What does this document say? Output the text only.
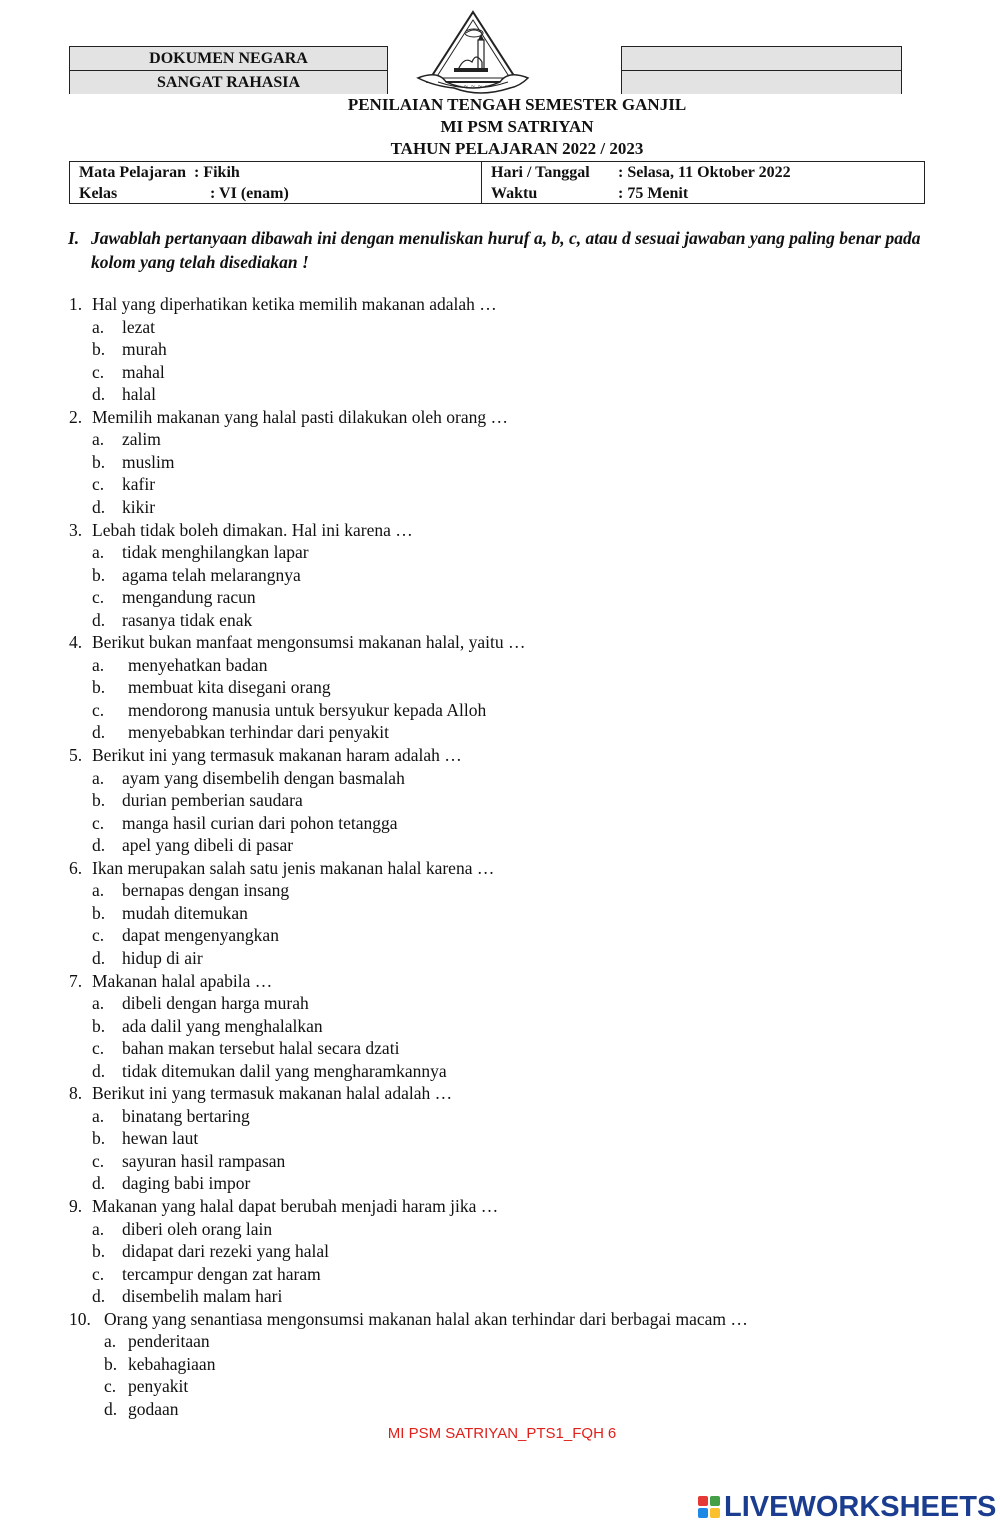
DOKUMEN NEGARA
SANGAT RAHASIA	~ ~ ~ ~ ~
PENILAIAN TENGAH SEMESTER GANJIL
MI PSM SATRIYAN
TAHUN PELAJARAN 2022 / 2023
Mata Pelajaran : Fikih
Kelas	: VI (enam)
Hari / Tanggal : Selasa, 11 Oktober 2022
Waktu	: 75 Menit
I. Jawablah pertanyaan dibawah ini dengan menuliskan huruf a, b, c, atau d sesuai jawaban yang paling benar pada kolom yang telah disediakan !
1. Hal yang diperhatikan ketika memilih makanan adalah …
a. lezat
b. murah
c. mahal
d. halal
2. Memilih makanan yang halal pasti dilakukan oleh orang …
a. zalim
b. muslim
c. kafir
d. kikir
3. Lebah tidak boleh dimakan. Hal ini karena …
a. tidak menghilangkan lapar
b. agama telah melarangnya
c. mengandung racun
d. rasanya tidak enak
4. Berikut bukan manfaat mengonsumsi makanan halal, yaitu …
a. menyehatkan badan
b. membuat kita disegani orang
c. mendorong manusia untuk bersyukur kepada Alloh
d. menyebabkan terhindar dari penyakit
5. Berikut ini yang termasuk makanan haram adalah …
a. ayam yang disembelih dengan basmalah
b. durian pemberian saudara
c. manga hasil curian dari pohon tetangga
d. apel yang dibeli di pasar
6. Ikan merupakan salah satu jenis makanan halal karena …
a. bernapas dengan insang
b. mudah ditemukan
c. dapat mengenyangkan
d. hidup di air
7. Makanan halal apabila …
a. dibeli dengan harga murah
b. ada dalil yang menghalalkan
c. bahan makan tersebut halal secara dzati
d. tidak ditemukan dalil yang mengharamkannya
8. Berikut ini yang termasuk makanan halal adalah …
a. binatang bertaring
b. hewan laut
c. sayuran hasil rampasan
d. daging babi impor
9. Makanan yang halal dapat berubah menjadi haram jika …
a. diberi oleh orang lain
b. didapat dari rezeki yang halal
c. tercampur dengan zat haram
d. disembelih malam hari
10. Orang yang senantiasa mengonsumsi makanan halal akan terhindar dari berbagai macam …
a. penderitaan
b. kebahagiaan
c. penyakit
d. godaan
MI PSM SATRIYAN_PTS1_FQH 6
LIVEWORKSHEETS
